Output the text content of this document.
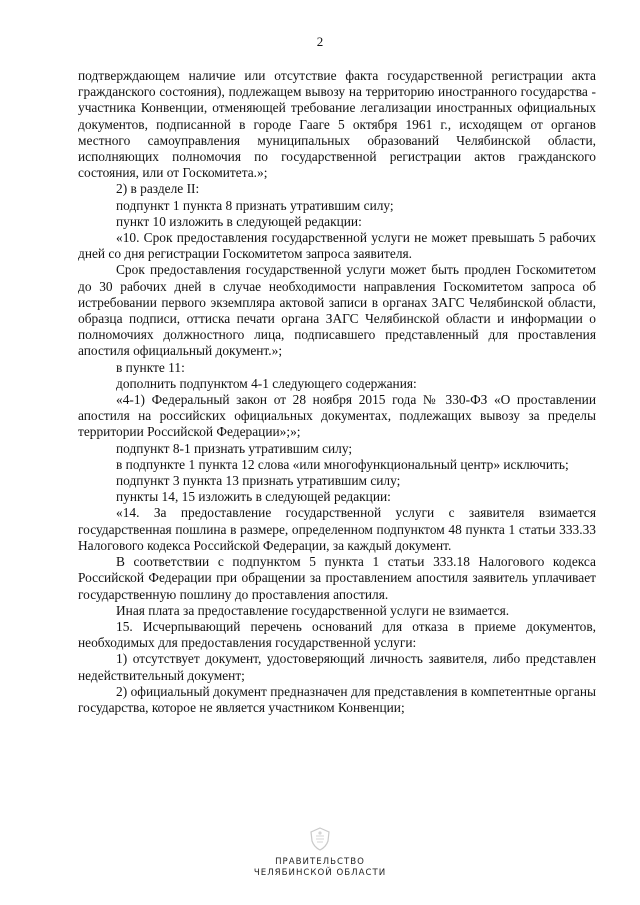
2

подтверждающем наличие или отсутствие факта государственной регистрации акта гражданского состояния), подлежащем вывозу на территорию иностранного государства - участника Конвенции, отменяющей требование легализации иностранных официальных документов, подписанной в городе Гааге 5 октября 1961 г., исходящем от органов местного самоуправления муниципальных образований Челябинской области, исполняющих полномочия по государственной регистрации актов гражданского состояния, или от Госкомитета.»;

2) в разделе II:

подпункт 1 пункта 8 признать утратившим силу;

пункт 10 изложить в следующей редакции:

«10. Срок предоставления государственной услуги не может превышать 5 рабочих дней со дня регистрации Госкомитетом запроса заявителя.

Срок предоставления государственной услуги может быть продлен Госкомитетом до 30 рабочих дней в случае необходимости направления Госкомитетом запроса об истребовании первого экземпляра актовой записи в органах ЗАГС Челябинской области, образца подписи, оттиска печати органа ЗАГС Челябинской области и информации о полномочиях должностного лица, подписавшего представленный для проставления апостиля официальный документ.»;

в пункте 11:

дополнить подпунктом 4-1 следующего содержания:

«4-1) Федеральный закон от 28 ноября 2015 года № 330-ФЗ «О проставлении апостиля на российских официальных документах, подлежащих вывозу за пределы территории Российской Федерации»;»;

подпункт 8-1 признать утратившим силу;

в подпункте 1 пункта 12 слова «или многофункциональный центр» исключить;

подпункт 3 пункта 13 признать утратившим силу;

пункты 14, 15 изложить в следующей редакции:

«14. За предоставление государственной услуги с заявителя взимается государственная пошлина в размере, определенном подпунктом 48 пункта 1 статьи 333.33 Налогового кодекса Российской Федерации, за каждый документ.

В соответствии с подпунктом 5 пункта 1 статьи 333.18 Налогового кодекса Российской Федерации при обращении за проставлением апостиля заявитель уплачивает государственную пошлину до проставления апостиля.

Иная плата за предоставление государственной услуги не взимается.

15. Исчерпывающий перечень оснований для отказа в приеме документов, необходимых для предоставления государственной услуги:

1) отсутствует документ, удостоверяющий личность заявителя, либо представлен недействительный документ;

2) официальный документ предназначен для представления в компетентные органы государства, которое не является участником Конвенции;

ПРАВИТЕЛЬСТВО
ЧЕЛЯБИНСКОЙ ОБЛАСТИ
